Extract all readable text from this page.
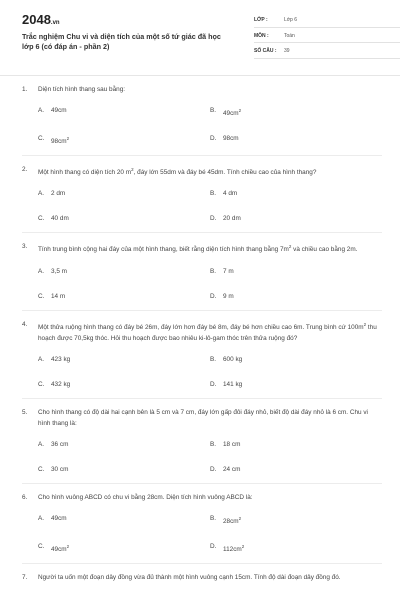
2048.vn
Trắc nghiệm Chu vi và diện tích của một số tứ giác đã học
lớp 6 (có đáp án - phần 2)
LỚP :	Lớp 6
MÔN :	Toán
SỐ CÂU :	39
1.	Diện tích hình thang sau bằng:
A.	49cm	B.	$49cm^2$
C.	$98cm^2$	D.	98cm
2.	Một hình thang có diện tích 20 $m^2$, đáy lớn 55dm và đáy bé 45dm. Tính chiều cao của hình thang?
A.	2 dm	B.	4 dm
C.	40 dm	D.	20 dm
3.	Tính trung bình cộng hai đáy của một hình thang, biết rằng diện tích hình thang bằng $7m^2$ và chiều cao bằng 2m.
A.	3,5 m	B.	7 m
C.	14 m	D.	9 m
4.	Một thửa ruộng hình thang có đáy bé 26m, đáy lớn hơn đáy bé 8m, đáy bé hơn chiều cao 6m. Trung bình cứ $100m^2$ thu hoạch được 70,5kg thóc. Hỏi thu hoạch được bao nhiêu ki-lô-gam thóc trên thửa ruộng đó?
A.	423 kg	B.	600 kg
C.	432 kg	D.	141 kg
5.	Cho hình thang có độ dài hai cạnh bên là 5 cm và 7 cm, đáy lớn gấp đôi đáy nhỏ, biết độ dài đáy nhỏ là 6 cm. Chu vi hình thang là:
A.	36 cm	B.	18 cm
C.	30 cm	D.	24 cm
6.	Cho hình vuông ABCD có chu vi bằng 28cm. Diện tích hình vuông ABCD là:
A.	49cm	B.	$28cm^2$
C.	$49cm^2$	D.	$112cm^2$
7.	Người ta uốn một đoạn dây đồng vừa đủ thành một hình vuông cạnh 15cm. Tính độ dài đoạn dây đồng đó.
